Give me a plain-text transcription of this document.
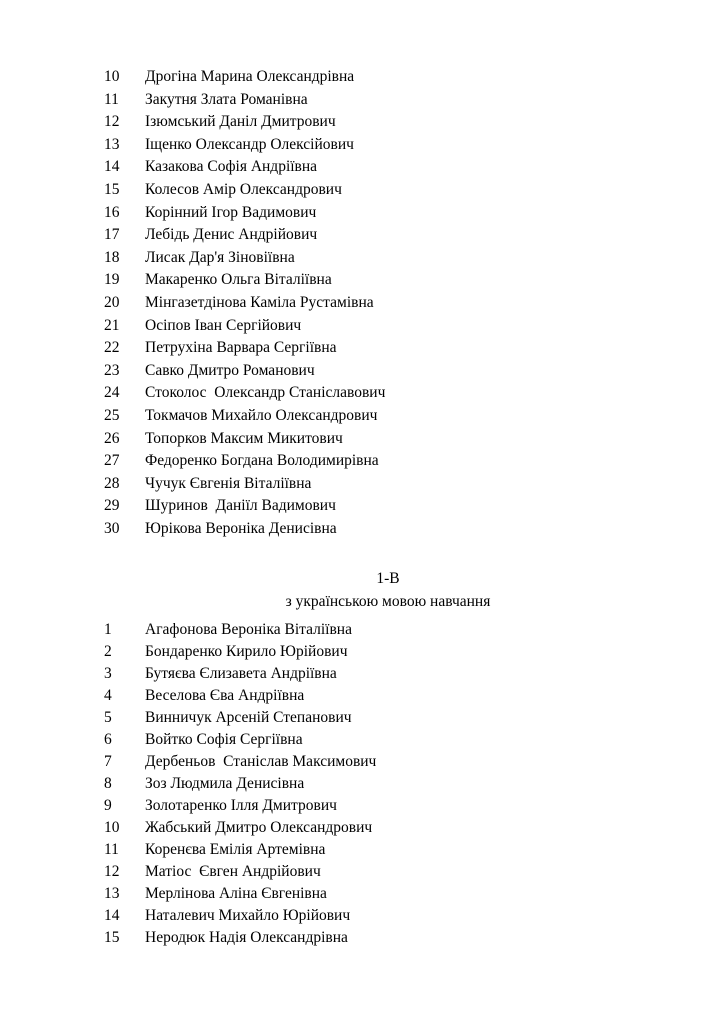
10	Дрогіна Марина Олександрівна
11	Закутня Злата Романівна
12	Ізюмський Даніл Дмитрович
13	Іщенко Олександр Олексійович
14	Казакова Софія Андріївна
15	Колесов Амір Олександрович
16	Корінний Ігор Вадимович
17	Лебідь Денис Андрійович
18	Лисак Дар'я Зіновіївна
19	Макаренко Ольга Віталіївна
20	Мінгазетдінова Каміла Рустамівна
21	Осіпов Іван Сергійович
22	Петрухіна Варвара Сергіївна
23	Савко Дмитро Романович
24	Стоколос  Олександр Станіславович
25	Токмачов Михайло Олександрович
26	Топорков Максим Микитович
27	Федоренко Богдана Володимирівна
28	Чучук Євгенія Віталіївна
29	Шуринов  Даніїл Вадимович
30	Юрікова Вероніка Денисівна
1-В
з українською мовою навчання
1	Агафонова Вероніка Віталіївна
2	Бондаренко Кирило Юрійович
3	Бутяєва Єлизавета Андріївна
4	Веселова Єва Андріївна
5	Винничук Арсеній Степанович
6	Войтко Софія Сергіївна
7	Дербеньов  Станіслав Максимович
8	Зоз Людмила Денисівна
9	Золотаренко Ілля Дмитрович
10	Жабський Дмитро Олександрович
11	Коренєва Емілія Артемівна
12	Матіос  Євген Андрійович
13	Мерлінова Аліна Євгенівна
14	Наталевич Михайло Юрійович
15	Неродюк Надія Олександрівна
